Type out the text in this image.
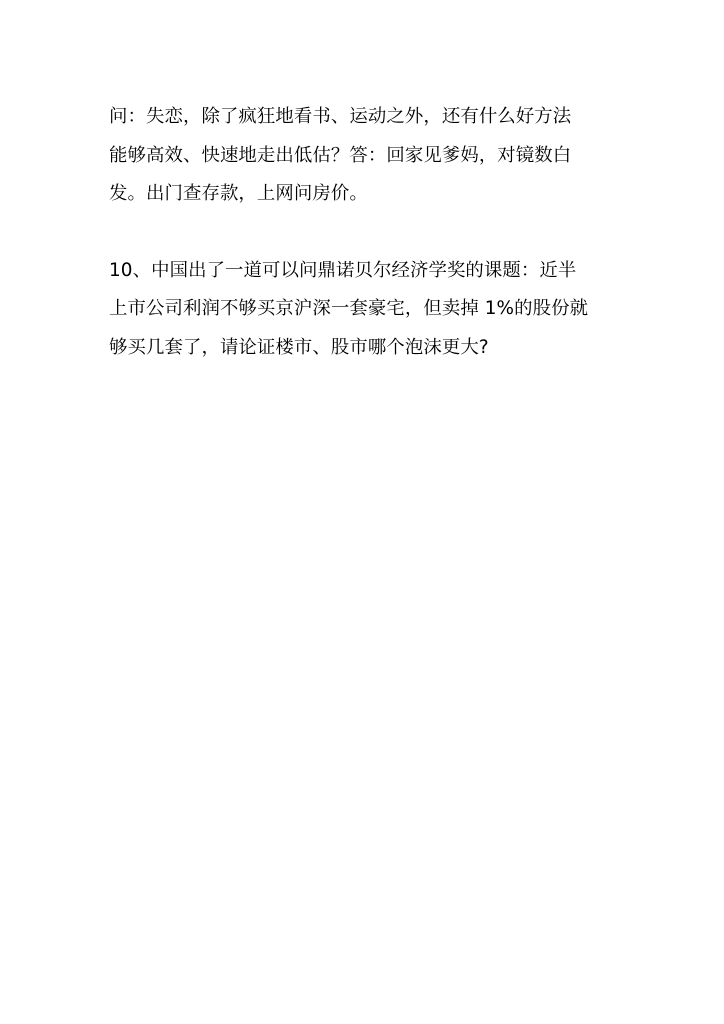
问：失恋，除了疯狂地看书、运动之外，还有什么好方法
能够高效、快速地走出低估？答：回家见爹妈，对镜数白
发。出门查存款，上网问房价。

10、中国出了一道可以问鼎诺贝尔经济学奖的课题：近半
上市公司利润不够买京沪深一套豪宅，但卖掉 1%的股份就
够买几套了，请论证楼市、股市哪个泡沫更大?
